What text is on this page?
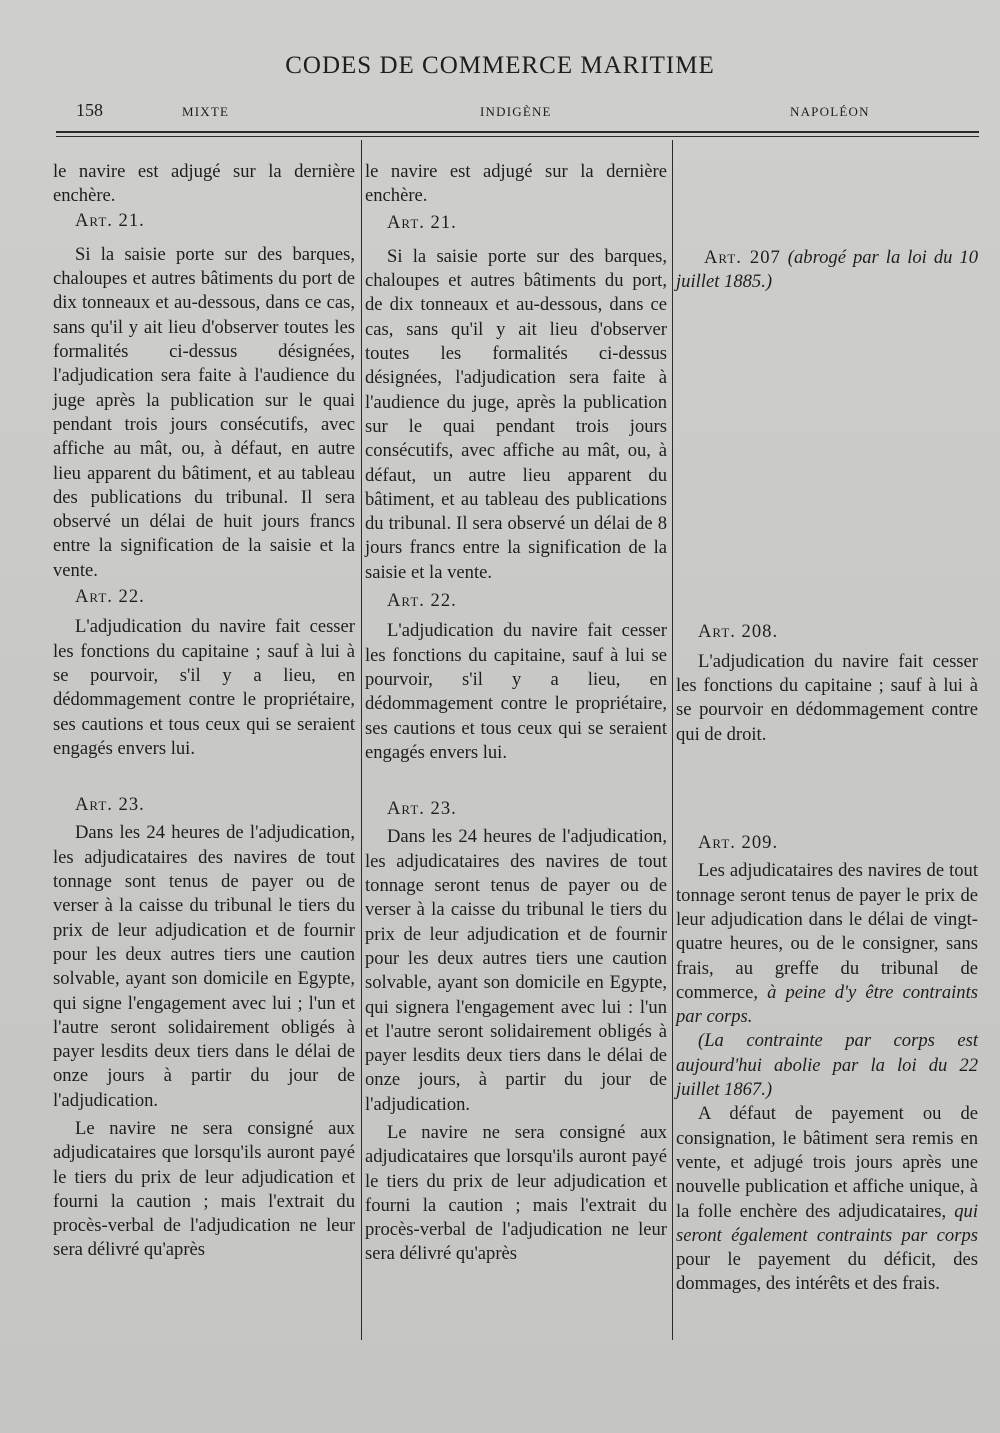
CODES DE COMMERCE MARITIME
158	MIXTE	INDIGÈNE	NAPOLÉON

le navire est adjugé sur la dernière enchère.

Art. 21.

Si la saisie porte sur des barques, chaloupes et autres bâtiments du port de dix tonneaux et au-dessous, dans ce cas, sans qu'il y ait lieu d'observer toutes les formalités ci-dessus désignées, l'adjudication sera faite à l'audience du juge après la publication sur le quai pendant trois jours consécutifs, avec affiche au mât, ou, à défaut, en autre lieu apparent du bâtiment, et au tableau des publications du tribunal. Il sera observé un délai de huit jours francs entre la signification de la saisie et la vente.

Art. 22.

L'adjudication du navire fait cesser les fonctions du capitaine ; sauf à lui à se pourvoir, s'il y a lieu, en dédommagement contre le propriétaire, ses cautions et tous ceux qui se seraient engagés envers lui.

Art. 23.

Dans les 24 heures de l'adjudication, les adjudicataires des navires de tout tonnage sont tenus de payer ou de verser à la caisse du tribunal le tiers du prix de leur adjudication et de fournir pour les deux autres tiers une caution solvable, ayant son domicile en Egypte, qui signe l'engagement avec lui ; l'un et l'autre seront solidairement obligés à payer lesdits deux tiers dans le délai de onze jours à partir du jour de l'adjudication.

Le navire ne sera consigné aux adjudicataires que lorsqu'ils auront payé le tiers du prix de leur adjudication et fourni la caution ; mais l'extrait du procès-verbal de l'adjudication ne leur sera délivré qu'après

le navire est adjugé sur la dernière enchère.

Art. 21.

Si la saisie porte sur des barques, chaloupes et autres bâtiments du port, de dix tonneaux et au-dessous, dans ce cas, sans qu'il y ait lieu d'observer toutes les formalités ci-dessus désignées, l'adjudication sera faite à l'audience du juge, après la publication sur le quai pendant trois jours consécutifs, avec affiche au mât, ou, à défaut, un autre lieu apparent du bâtiment, et au tableau des publications du tribunal. Il sera observé un délai de 8 jours francs entre la signification de la saisie et la vente.

Art. 22.

L'adjudication du navire fait cesser les fonctions du capitaine, sauf à lui se pourvoir, s'il y a lieu, en dédommagement contre le propriétaire, ses cautions et tous ceux qui se seraient engagés envers lui.

Art. 23.

Dans les 24 heures de l'adjudication, les adjudicataires des navires de tout tonnage seront tenus de payer ou de verser à la caisse du tribunal le tiers du prix de leur adjudication et de fournir pour les deux autres tiers une caution solvable, ayant son domicile en Egypte, qui signera l'engagement avec lui : l'un et l'autre seront solidairement obligés à payer lesdits deux tiers dans le délai de onze jours, à partir du jour de l'adjudication.

Le navire ne sera consigné aux adjudicataires que lorsqu'ils auront payé le tiers du prix de leur adjudication et fourni la caution ; mais l'extrait du procès-verbal de l'adjudication ne leur sera délivré qu'après

Art. 207 (abrogé par la loi du 10 juillet 1885.)

Art. 208.

L'adjudication du navire fait cesser les fonctions du capitaine ; sauf à lui à se pourvoir en dédommagement contre qui de droit.

Art. 209.

Les adjudicataires des navires de tout tonnage seront tenus de payer le prix de leur adjudication dans le délai de vingt-quatre heures, ou de le consigner, sans frais, au greffe du tribunal de commerce, à peine d'y être contraints par corps.

(La contrainte par corps est aujourd'hui abolie par la loi du 22 juillet 1867.)

A défaut de payement ou de consignation, le bâtiment sera remis en vente, et adjugé trois jours après une nouvelle publication et affiche unique, à la folle enchère des adjudicataires, qui seront également contraints par corps pour le payement du déficit, des dommages, des intérêts et des frais.
